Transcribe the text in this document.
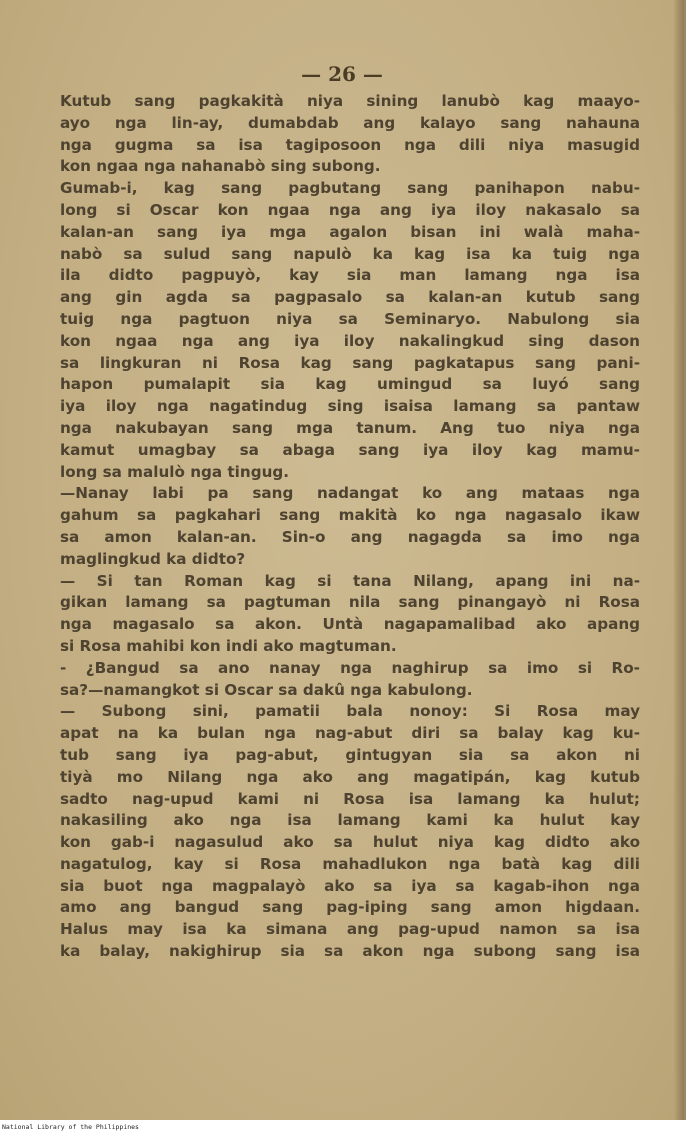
— 26 —
Kutub sang pagkakità niya sining lanubò kag maayo-
ayo nga lin-ay, dumabdab ang kalayo sang nahauna
nga gugma sa isa tagiposoon nga dili niya masugid
kon ngaa nga nahanabò sing subong.
Gumab-i, kag sang pagbutang sang panihapon nabu-
long si Oscar kon ngaa nga ang iya iloy nakasalo sa
kalan-an sang iya mga agalon bisan ini walà maha-
nabò sa sulud sang napulò ka kag isa ka tuig nga
ila didto pagpuyò, kay sia man lamang nga isa
ang gin agda sa pagpasalo sa kalan-an kutub sang
tuig nga pagtuon niya sa Seminaryo. Nabulong sia
kon ngaa nga ang iya iloy nakalingkud sing dason
sa lingkuran ni Rosa kag sang pagkatapus sang pani-
hapon pumalapit sia kag umingud sa luyó sang
iya iloy nga nagatindug sing isaisa lamang sa pantaw
nga nakubayan sang mga tanum. Ang tuo niya nga
kamut umagbay sa abaga sang iya iloy kag mamu-
long sa malulò nga tingug.
—Nanay labi pa sang nadangat ko ang mataas nga
gahum sa pagkahari sang makità ko nga nagasalo ikaw
sa amon kalan-an. Sin-o ang nagagda sa imo nga
maglingkud ka didto?
— Si tan Roman kag si tana Nilang, apang ini na-
gikan lamang sa pagtuman nila sang pinangayò ni Rosa
nga magasalo sa akon. Untà nagapamalibad ako apang
si Rosa mahibi kon indi ako magtuman.
- ¿Bangud sa ano nanay nga naghirup sa imo si Ro-
sa?—namangkot si Oscar sa dakû nga kabulong.
— Subong sini, pamatii bala nonoy: Si Rosa may
apat na ka bulan nga nag-abut diri sa balay kag ku-
tub sang iya pag-abut, gintugyan sia sa akon ni
tiyà mo Nilang nga ako ang magatipán, kag kutub
sadto nag-upud kami ni Rosa isa lamang ka hulut;
nakasiling ako nga isa lamang kami ka hulut kay
kon gab-i nagasulud ako sa hulut niya kag didto ako
nagatulog, kay si Rosa mahadlukon nga batà kag dili
sia buot nga magpalayò ako sa iya sa kagab-ihon nga
amo ang bangud sang pag-iping sang amon higdaan.
Halus may isa ka simana ang pag-upud namon sa isa
ka balay, nakighirup sia sa akon nga subong sang isa
National Library of the Philippines
